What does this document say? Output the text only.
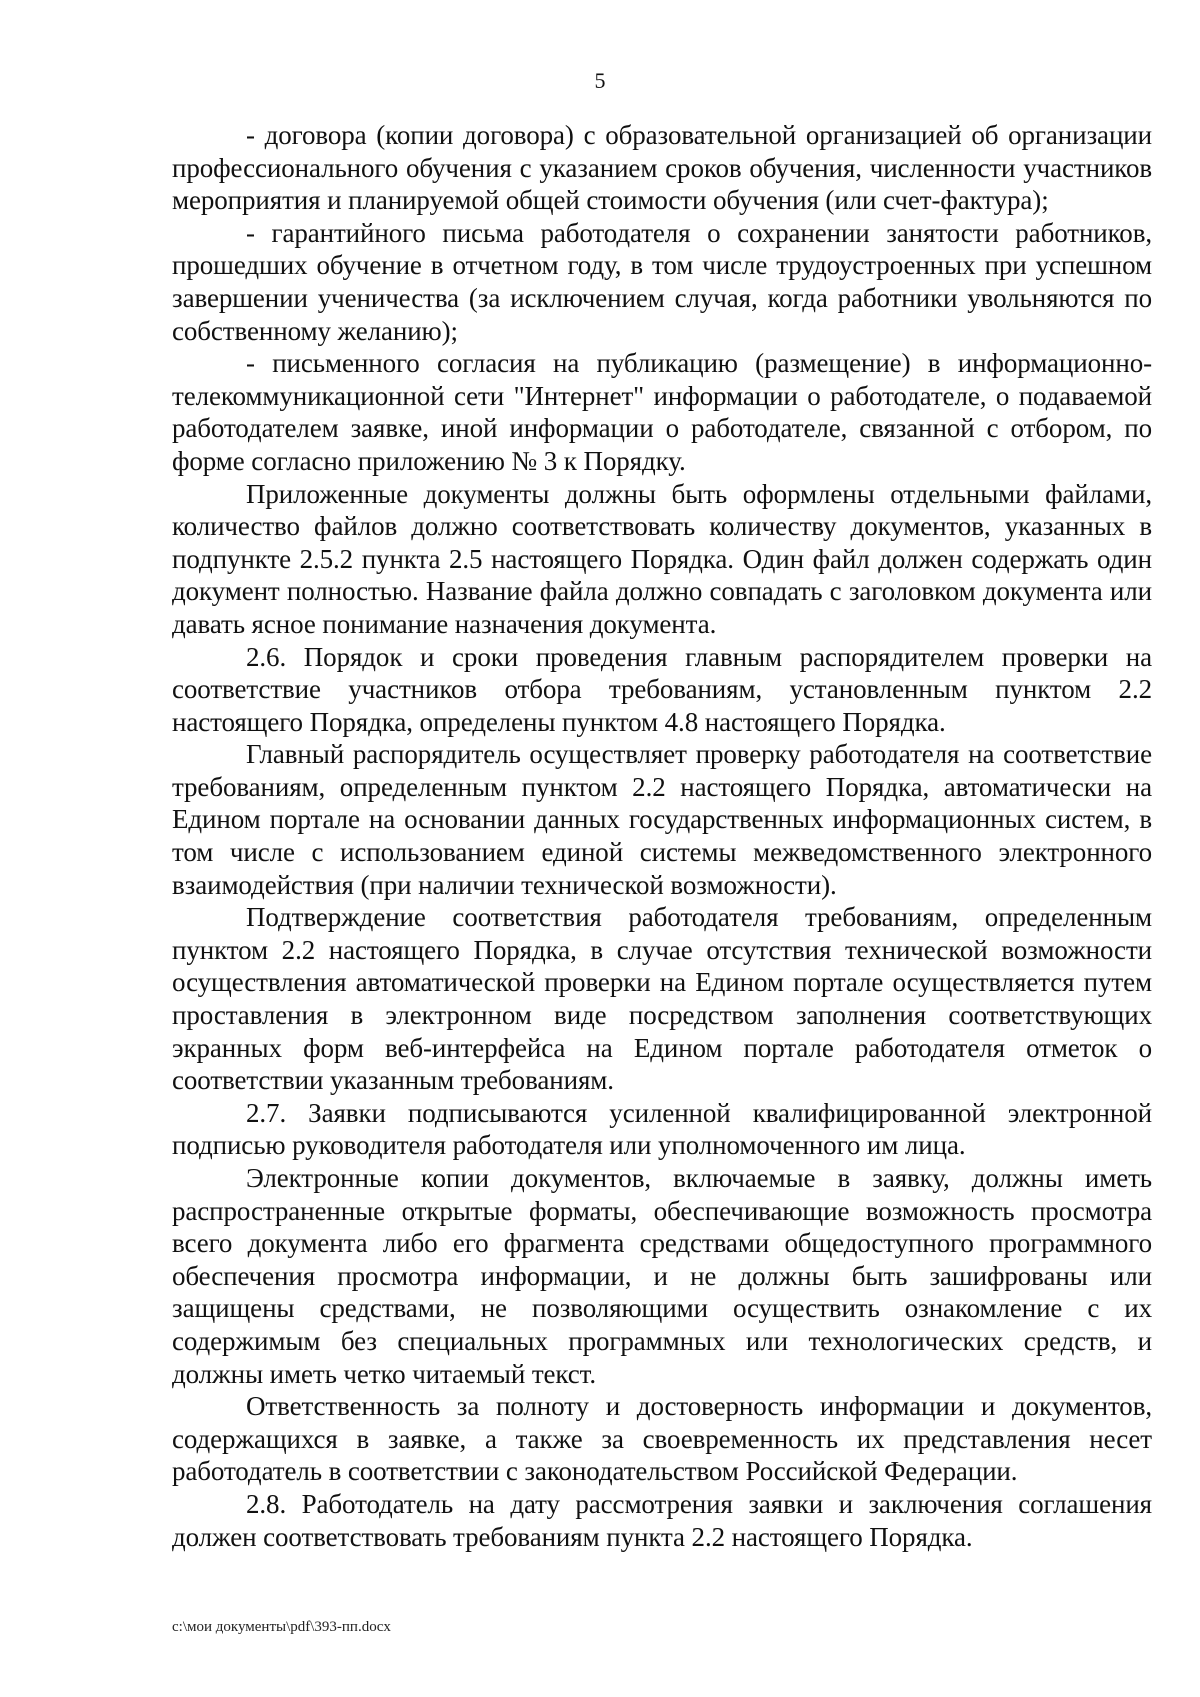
5

- договора (копии договора) с образовательной организацией об организации профессионального обучения с указанием сроков обучения, численности участников мероприятия и планируемой общей стоимости обучения (или счет-фактура);

- гарантийного письма работодателя о сохранении занятости работников, прошедших обучение в отчетном году, в том числе трудоустроенных при успешном завершении ученичества (за исключением случая, когда работники увольняются по собственному желанию);

- письменного согласия на публикацию (размещение) в информационно-телекоммуникационной сети "Интернет" информации о работодателе, о подаваемой работодателем заявке, иной информации о работодателе, связанной с отбором, по форме согласно приложению № 3 к Порядку.

Приложенные документы должны быть оформлены отдельными файлами, количество файлов должно соответствовать количеству документов, указанных в подпункте 2.5.2 пункта 2.5 настоящего Порядка. Один файл должен содержать один документ полностью. Название файла должно совпадать с заголовком документа или давать ясное понимание назначения документа.

2.6. Порядок и сроки проведения главным распорядителем проверки на соответствие участников отбора требованиям, установленным пунктом 2.2 настоящего Порядка, определены пунктом 4.8 настоящего Порядка.

Главный распорядитель осуществляет проверку работодателя на соответствие требованиям, определенным пунктом 2.2 настоящего Порядка, автоматически на Едином портале на основании данных государственных информационных систем, в том числе с использованием единой системы межведомственного электронного взаимодействия (при наличии технической возможности).

Подтверждение соответствия работодателя требованиям, определенным пунктом 2.2 настоящего Порядка, в случае отсутствия технической возможности осуществления автоматической проверки на Едином портале осуществляется путем проставления в электронном виде посредством заполнения соответствующих экранных форм веб-интерфейса на Едином портале работодателя отметок о соответствии указанным требованиям.

2.7. Заявки подписываются усиленной квалифицированной электронной подписью руководителя работодателя или уполномоченного им лица.

Электронные копии документов, включаемые в заявку, должны иметь распространенные открытые форматы, обеспечивающие возможность просмотра всего документа либо его фрагмента средствами общедоступного программного обеспечения просмотра информации, и не должны быть зашифрованы или защищены средствами, не позволяющими осуществить ознакомление с их содержимым без специальных программных или технологических средств, и должны иметь четко читаемый текст.

Ответственность за полноту и достоверность информации и документов, содержащихся в заявке, а также за своевременность их представления несет работодатель в соответствии с законодательством Российской Федерации.

2.8. Работодатель на дату рассмотрения заявки и заключения соглашения должен соответствовать требованиям пункта 2.2 настоящего Порядка.

c:\мои документы\pdf\393-пп.docx
